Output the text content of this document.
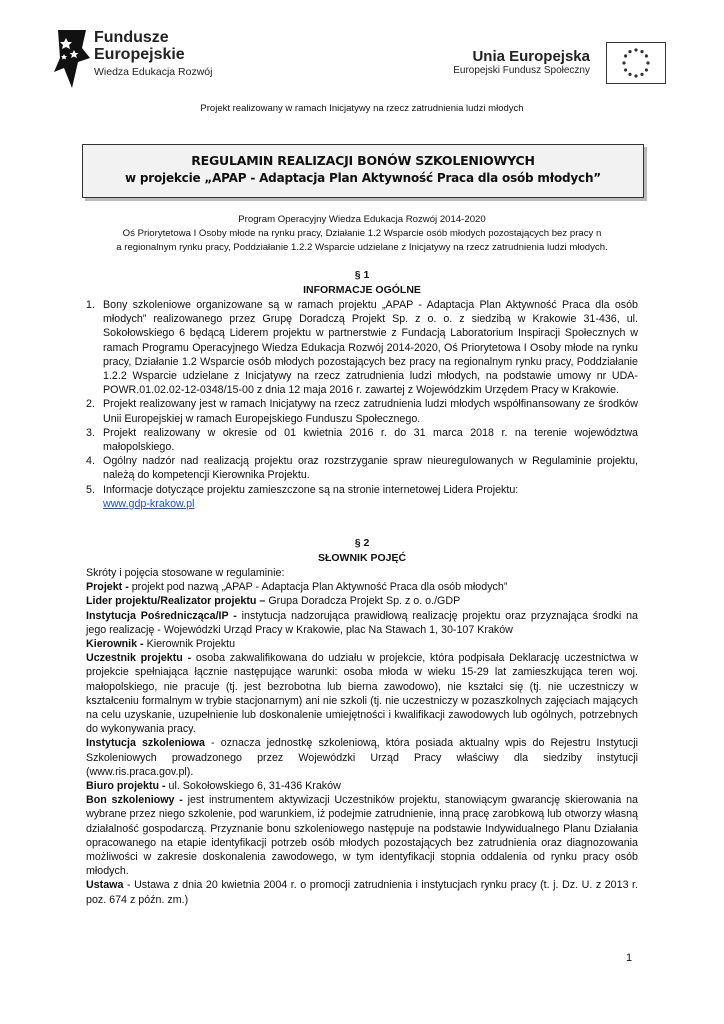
Fundusze
Europejskie
Wiedza Edukacja Rozwój
Unia Europejska
Europejski Fundusz Społeczny
Projekt realizowany w ramach Inicjatywy na rzecz zatrudnienia ludzi młodych
REGULAMIN REALIZACJI BONÓW SZKOLENIOWYCH
w projekcie „APAP - Adaptacja Plan Aktywność Praca dla osób młodych”
Program Operacyjny Wiedza Edukacja Rozwój 2014-2020
Oś Priorytetowa I Osoby młode na rynku pracy, Działanie 1.2 Wsparcie osób młodych pozostających bez pracy n
a regionalnym rynku pracy, Poddziałanie 1.2.2 Wsparcie udzielane z Inicjatywy na rzecz zatrudnienia ludzi młodych.
§ 1
INFORMACJE OGÓLNE
1. Bony szkoleniowe organizowane są w ramach projektu „APAP - Adaptacja Plan Aktywność Praca dla osób młodych” realizowanego przez Grupę Doradczą Projekt Sp. z o. o. z siedzibą w Krakowie 31-436, ul. Sokołowskiego 6 będącą Liderem projektu w partnerstwie z Fundacją Laboratorium Inspiracji Społecznych w ramach Programu Operacyjnego Wiedza Edukacja Rozwój 2014-2020, Oś Priorytetowa I Osoby młode na rynku pracy, Działanie 1.2 Wsparcie osób młodych pozostających bez pracy na regionalnym rynku pracy, Poddziałanie 1.2.2 Wsparcie udzielane z Inicjatywy na rzecz zatrudnienia ludzi młodych, na podstawie umowy nr UDA-POWR.01.02.02-12-0348/15-00 z dnia 12 maja 2016 r. zawartej z Wojewódzkim Urzędem Pracy w Krakowie.
2. Projekt realizowany jest w ramach Inicjatywy na rzecz zatrudnienia ludzi młodych współfinansowany ze środków Unii Europejskiej w ramach Europejskiego Funduszu Społecznego.
3. Projekt realizowany w okresie od 01 kwietnia 2016 r. do 31 marca 2018 r. na terenie województwa małopolskiego.
4. Ogólny nadzór nad realizacją projektu oraz rozstrzyganie spraw nieuregulowanych w Regulaminie projektu, należą do kompetencji Kierownika Projektu.
5. Informacje dotyczące projektu zamieszczone są na stronie internetowej Lidera Projektu:
www.gdp-krakow.pl
§ 2
SŁOWNIK POJĘĆ

Skróty i pojęcia stosowane w regulaminie:

Projekt - projekt pod nazwą „APAP - Adaptacja Plan Aktywność Praca dla osób młodych”

Lider projektu/Realizator projektu – Grupa Doradcza Projekt Sp. z o. o./GDP

Instytucja Pośrednicząca/IP - instytucja nadzorująca prawidłową realizację projektu oraz przyznająca środki na jego realizację - Wojewódzki Urząd Pracy w Krakowie, plac Na Stawach 1, 30-107 Kraków

Kierownik - Kierownik Projektu

Uczestnik projektu - osoba zakwalifikowana do udziału w projekcie, która podpisała Deklarację uczestnictwa w projekcie spełniająca łącznie następujące warunki: osoba młoda w wieku 15-29 lat zamieszkująca teren woj. małopolskiego, nie pracuje (tj. jest bezrobotna lub bierna zawodowo), nie kształci się (tj. nie uczestniczy w kształceniu formalnym w trybie stacjonarnym) ani nie szkoli (tj. nie uczestniczy w pozaszkolnych zajęciach mających na celu uzyskanie, uzupełnienie lub doskonalenie umiejętności i kwalifikacji zawodowych lub ogólnych, potrzebnych do wykonywania pracy.

Instytucja szkoleniowa - oznacza jednostkę szkoleniową, która posiada aktualny wpis do Rejestru Instytucji Szkoleniowych prowadzonego przez Wojewódzki Urząd Pracy właściwy dla siedziby instytucji (www.ris.praca.gov.pl).

Biuro projektu - ul. Sokołowskiego 6, 31-436 Kraków

Bon szkoleniowy - jest instrumentem aktywizacji Uczestników projektu, stanowiącym gwarancję skierowania na wybrane przez niego szkolenie, pod warunkiem, iż podejmie zatrudnienie, inną pracę zarobkową lub otworzy własną działalność gospodarczą. Przyznanie bonu szkoleniowego następuje na podstawie Indywidualnego Planu Działania opracowanego na etapie identyfikacji potrzeb osób młodych pozostających bez zatrudnienia oraz diagnozowania możliwości w zakresie doskonalenia zawodowego, w tym identyfikacji stopnia oddalenia od rynku pracy osób młodych.

Ustawa - Ustawa z dnia 20 kwietnia 2004 r. o promocji zatrudnienia i instytucjach rynku pracy (t. j. Dz. U. z 2013 r. poz. 674 z późn. zm.)

1
